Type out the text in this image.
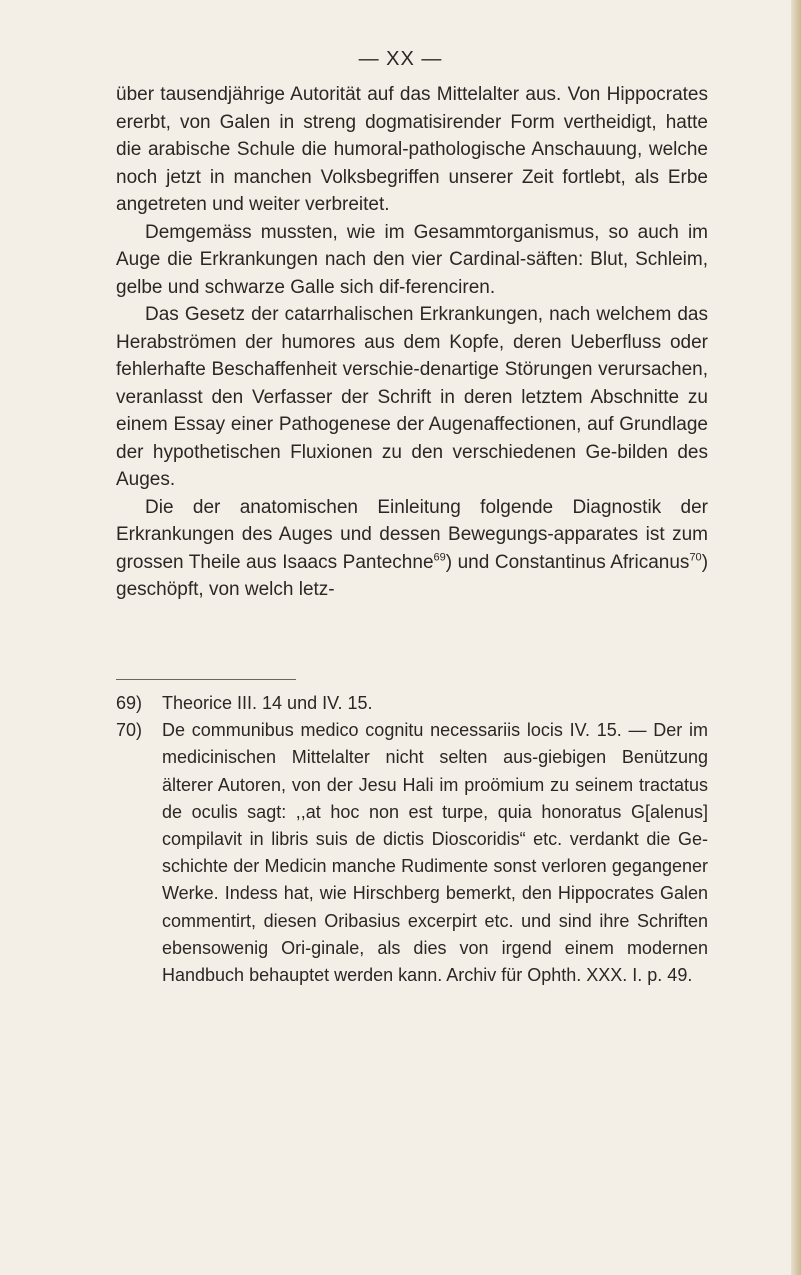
— XX —

über tausendjährige Autorität auf das Mittelalter aus. Von Hippocrates ererbt, von Galen in streng dogmatisirender Form vertheidigt, hatte die arabische Schule die humoral-pathologische Anschauung, welche noch jetzt in manchen Volksbegriffen unserer Zeit fortlebt, als Erbe angetreten und weiter verbreitet.

Demgemäss mussten, wie im Gesammtorganismus, so auch im Auge die Erkrankungen nach den vier Cardinal-säften: Blut, Schleim, gelbe und schwarze Galle sich dif-ferenciren.

Das Gesetz der catarrhalischen Erkrankungen, nach welchem das Herabströmen der humores aus dem Kopfe, deren Ueberfluss oder fehlerhafte Beschaffenheit verschie-denartige Störungen verursachen, veranlasst den Verfasser der Schrift in deren letztem Abschnitte zu einem Essay einer Pathogenese der Augenaffectionen, auf Grundlage der hypothetischen Fluxionen zu den verschiedenen Ge-bilden des Auges.

Die der anatomischen Einleitung folgende Diagnostik der Erkrankungen des Auges und dessen Bewegungs-apparates ist zum grossen Theile aus Isaacs Pantechne$^{69}$) und Constantinus Africanus$^{70}$) geschöpft, von welch letz-

69)	Theorice III. 14 und IV. 15.
70)	De communibus medico cognitu necessariis locis IV. 15. — Der im medicinischen Mittelalter nicht selten aus-giebigen Benützung älterer Autoren, von der Jesu Hali im proömium zu seinem tractatus de oculis sagt: ,,at hoc non est turpe, quia honoratus G[alenus] compilavit in libris suis de dictis Dioscoridis“ etc. verdankt die Ge-schichte der Medicin manche Rudimente sonst verloren gegangener Werke. Indess hat, wie Hirschberg bemerkt, den Hippocrates Galen commentirt, diesen Oribasius excerpirt etc. und sind ihre Schriften ebensowenig Ori-ginale, als dies von irgend einem modernen Handbuch behauptet werden kann. Archiv für Ophth. XXX. I. p. 49.
